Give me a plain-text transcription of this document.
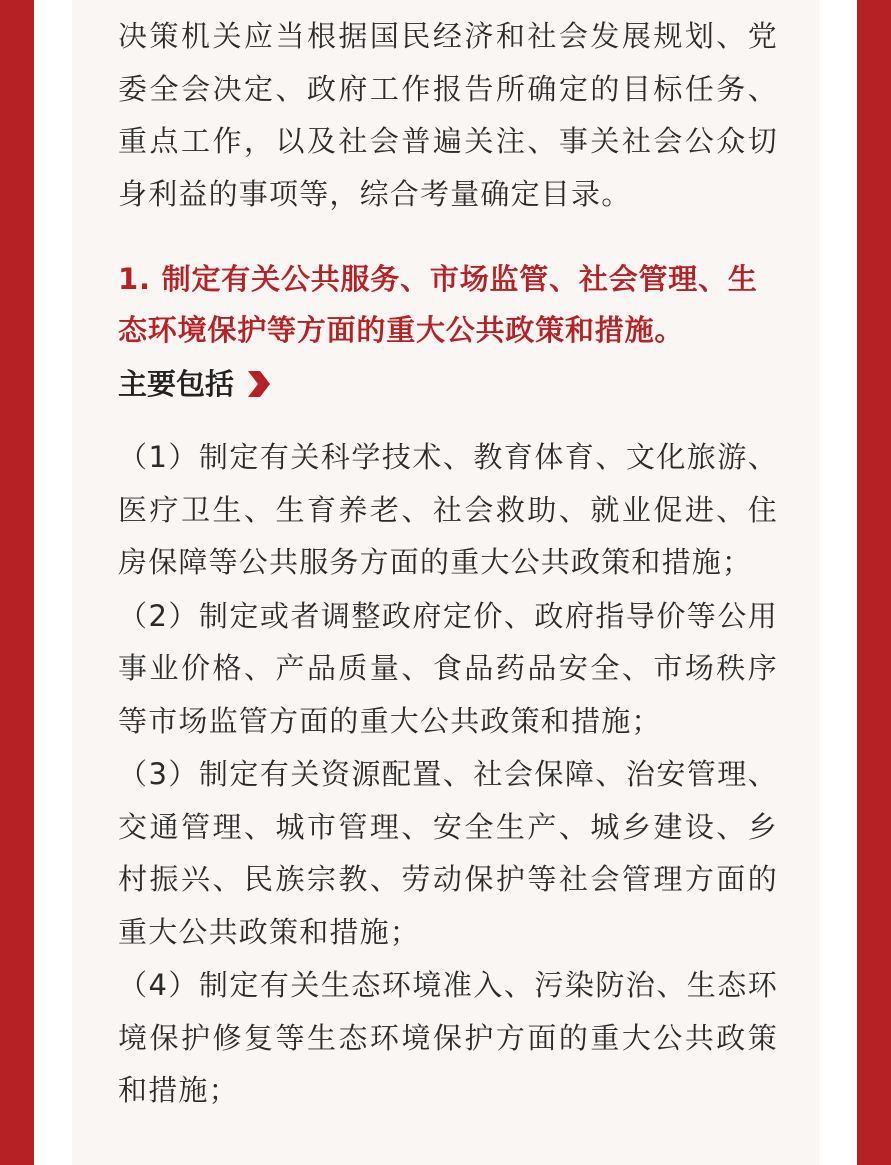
决策机关应当根据国民经济和社会发展规划、党委全会决定、政府工作报告所确定的目标任务、重点工作，以及社会普遍关注、事关社会公众切身利益的事项等，综合考量确定目录。

1. 制定有关公共服务、市场监管、社会管理、生态环境保护等方面的重大公共政策和措施。
主要包括

（1）制定有关科学技术、教育体育、文化旅游、医疗卫生、生育养老、社会救助、就业促进、住房保障等公共服务方面的重大公共政策和措施；

（2）制定或者调整政府定价、政府指导价等公用事业价格、产品质量、食品药品安全、市场秩序等市场监管方面的重大公共政策和措施；

（3）制定有关资源配置、社会保障、治安管理、交通管理、城市管理、安全生产、城乡建设、乡村振兴、民族宗教、劳动保护等社会管理方面的重大公共政策和措施；

（4）制定有关生态环境准入、污染防治、生态环境保护修复等生态环境保护方面的重大公共政策和措施；
